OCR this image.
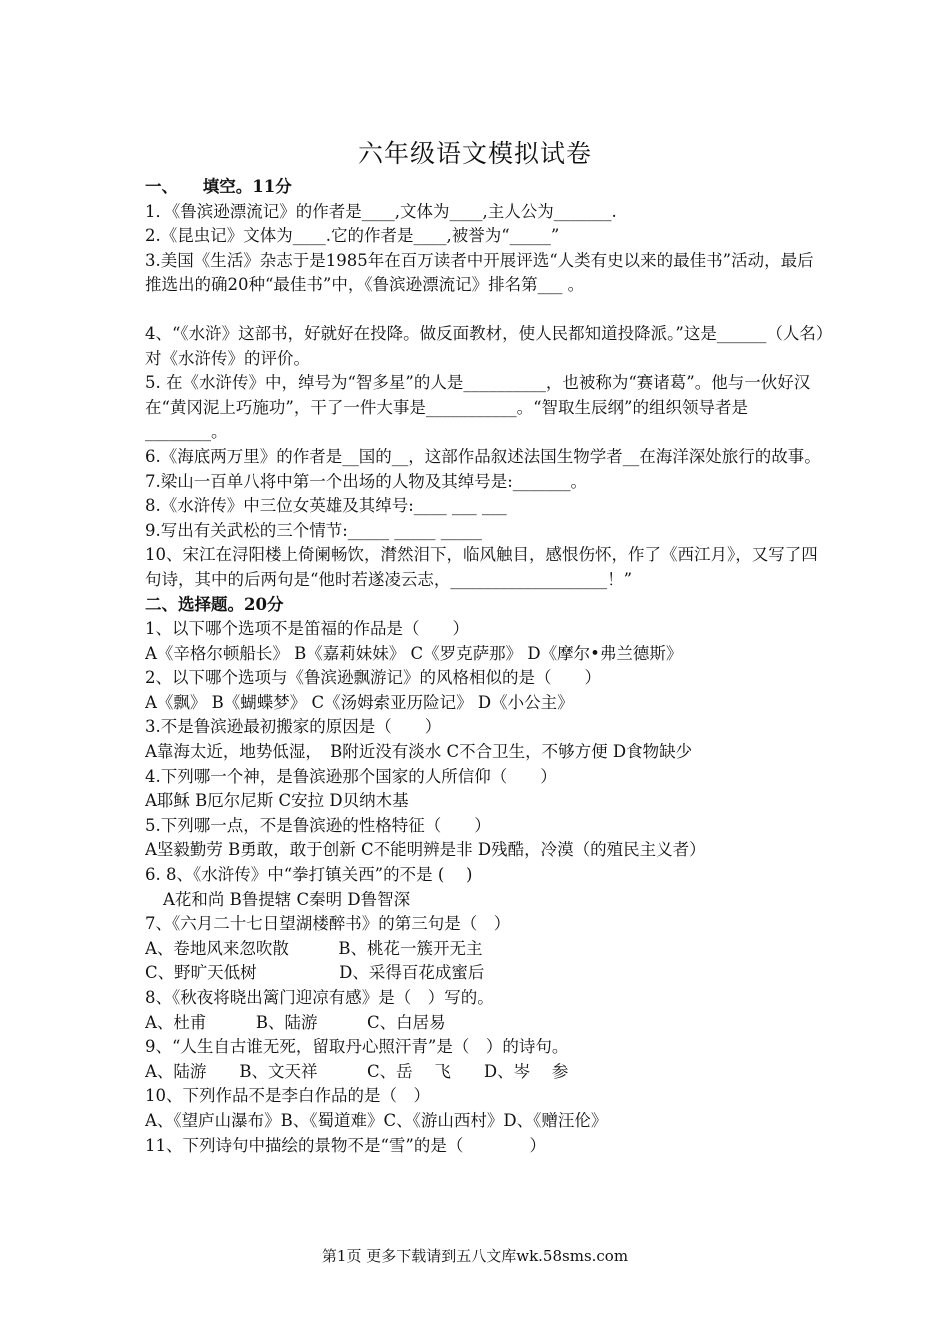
六年级语文模拟试卷
一、　　填空。11分
1．《鲁滨逊漂流记》的作者是____,文体为____,主人公为_______.
2.《昆虫记》文体为____.它的作者是____,被誉为“_____”
3.美国《生活》杂志于是1985年在百万读者中开展评选“人类有史以来的最佳书”活动，最后推选出的确20种“最佳书”中，《鲁滨逊漂流记》排名第___ 。
4、“《水浒》这部书，好就好在投降。做反面教材，使人民都知道投降派。”这是______（人名）对《水浒传》的评价。
5. 在《水浒传》中，绰号为“智多星”的人是__________，也被称为“赛诸葛”。他与一伙好汉在“黄冈泥上巧施功”，干了一件大事是___________。“智取生辰纲”的组织领导者是________。
6.《海底两万里》的作者是__国的__，这部作品叙述法国生物学者__在海洋深处旅行的故事。
7.梁山一百单八将中第一个出场的人物及其绰号是:_______。
8.《水浒传》中三位女英雄及其绰号:____ ___ ___
9.写出有关武松的三个情节:_____ _____ _____
10、宋江在浔阳楼上倚阑畅饮，潸然泪下，临风触目，感恨伤怀，作了《西江月》，又写了四句诗，其中的后两句是“他时若遂凌云志，___________________！”
二、选择题。20分
1、以下哪个选项不是笛福的作品是（　　）
A《辛格尔顿船长》 B《嘉莉妹妹》 C《罗克萨那》 D《摩尔•弗兰德斯》
2、以下哪个选项与《鲁滨逊飘游记》的风格相似的是（　　）
A《飘》 B《蝴蝶梦》 C《汤姆索亚历险记》 D《小公主》
3.不是鲁滨逊最初搬家的原因是（　　）
A靠海太近，地势低湿，　B附近没有淡水 C不合卫生，不够方便 D食物缺少
4.下列哪一个神，是鲁滨逊那个国家的人所信仰（　　）
A耶稣 B厄尔尼斯 C安拉 D贝纳木基
5.下列哪一点，不是鲁滨逊的性格特征（　　）
A坚毅勤劳 B勇敢，敢于创新 C不能明辨是非 D残酷，冷漠（的殖民主义者）
6. 8、《水浒传》中“拳打镇关西”的不是 (　 )
A花和尚 B鲁提辖 C秦明 D鲁智深
7、《六月二十七日望湖楼醉书》的第三句是（　）
A、卷地风来忽吹散　　　B、桃花一簇开无主
C、野旷天低树　　　　　D、采得百花成蜜后
8、《秋夜将晓出篱门迎凉有感》是（　）写的。
A、杜甫　　　B、陆游　　　C、白居易
9、“人生自古谁无死，留取丹心照汗青”是（　）的诗句。
A、陆游　　B、文天祥　　　C、岳　 飞　　D、岑　 参
10、下列作品不是李白作品的是（　）
A、《望庐山瀑布》B、《蜀道难》C、《游山西村》D、《赠汪伦》
11、下列诗句中描绘的景物不是“雪”的是（　　　　）
第1页 更多下载请到五八文库wk.58sms.com
